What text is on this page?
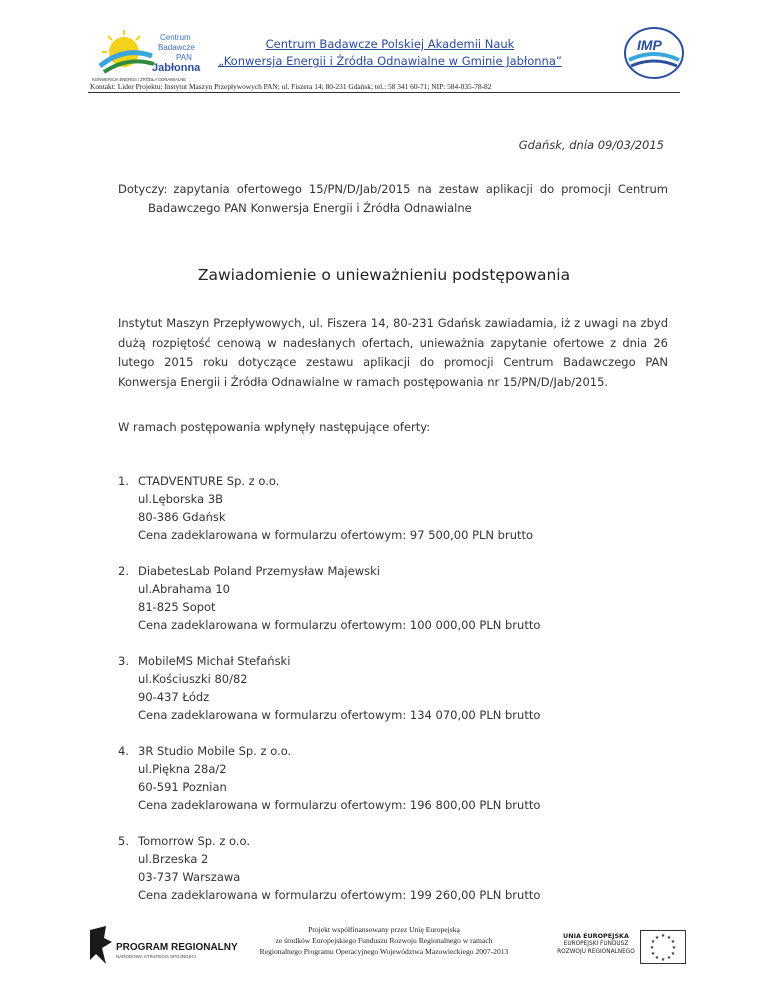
Centrum
Badawcze
PAN
Jabłonna
KONWERSJA ENERGII I ŹRÓDŁA ODNAWIALNE
Centrum Badawcze Polskiej Akademii Nauk
„Konwersja Energii i Źródła Odnawialne w Gminie Jabłonna”
IMP
Kontakt: Lider Projektu: Instytut Maszyn Przepływowych PAN; ul. Fiszera 14; 80-231 Gdańsk; tel.: 58 341 60-71; NIP: 584-035-78-82
Gdańsk, dnia 09/03/2015
Dotyczy: zapytania ofertowego 15/PN/D/Jab/2015 na zestaw aplikacji do promocji Centrum
Badawczego PAN Konwersja Energii i Źródła Odnawialne
Zawiadomienie o unieważnieniu podstępowania
Instytut Maszyn Przepływowych, ul. Fiszera 14, 80-231 Gdańsk zawiadamia, iż z uwagi na zbyd dużą rozpiętość cenową w nadesłanych ofertach, unieważnia zapytanie ofertowe z dnia 26 lutego 2015 roku dotyczące zestawu aplikacji do promocji Centrum Badawczego PAN Konwersja Energii i Źródła Odnawialne w ramach postępowania nr 15/PN/D/Jab/2015.
W ramach postępowania wpłynęły następujące oferty:
1. CTADVENTURE Sp. z o.o.
ul.Lęborska 3B
80-386 Gdańsk
Cena zadeklarowana w formularzu ofertowym: 97 500,00 PLN brutto
2. DiabetesLab Poland Przemysław Majewski
ul.Abrahama 10
81-825 Sopot
Cena zadeklarowana w formularzu ofertowym: 100 000,00 PLN brutto
3. MobileMS Michał Stefański
ul.Kościuszki 80/82
90-437 Łódz
Cena zadeklarowana w formularzu ofertowym: 134 070,00 PLN brutto
4. 3R Studio Mobile Sp. z o.o.
ul.Piękna 28a/2
60-591 Poznian
Cena zadeklarowana w formularzu ofertowym: 196 800,00 PLN brutto
5. Tomorrow Sp. z o.o.
ul.Brzeska 2
03-737 Warszawa
Cena zadeklarowana w formularzu ofertowym: 199 260,00 PLN brutto
PROGRAM REGIONALNY
NARODOWA STRATEGIA SPÓJNOŚCI
Projekt współfinansowany przez Unię Europejską
ze środków Europejskiego Funduszu Rozwoju Regionalnego w ramach
Regionalnego Programu Operacyjnego Województwa Mazowieckiego 2007-2013
UNIA EUROPEJSKA
EUROPEJSKI FUNDUSZ
ROZWOJU REGIONALNEGO
★ ★
★
★
★
★
★
★
★
★
★
★
